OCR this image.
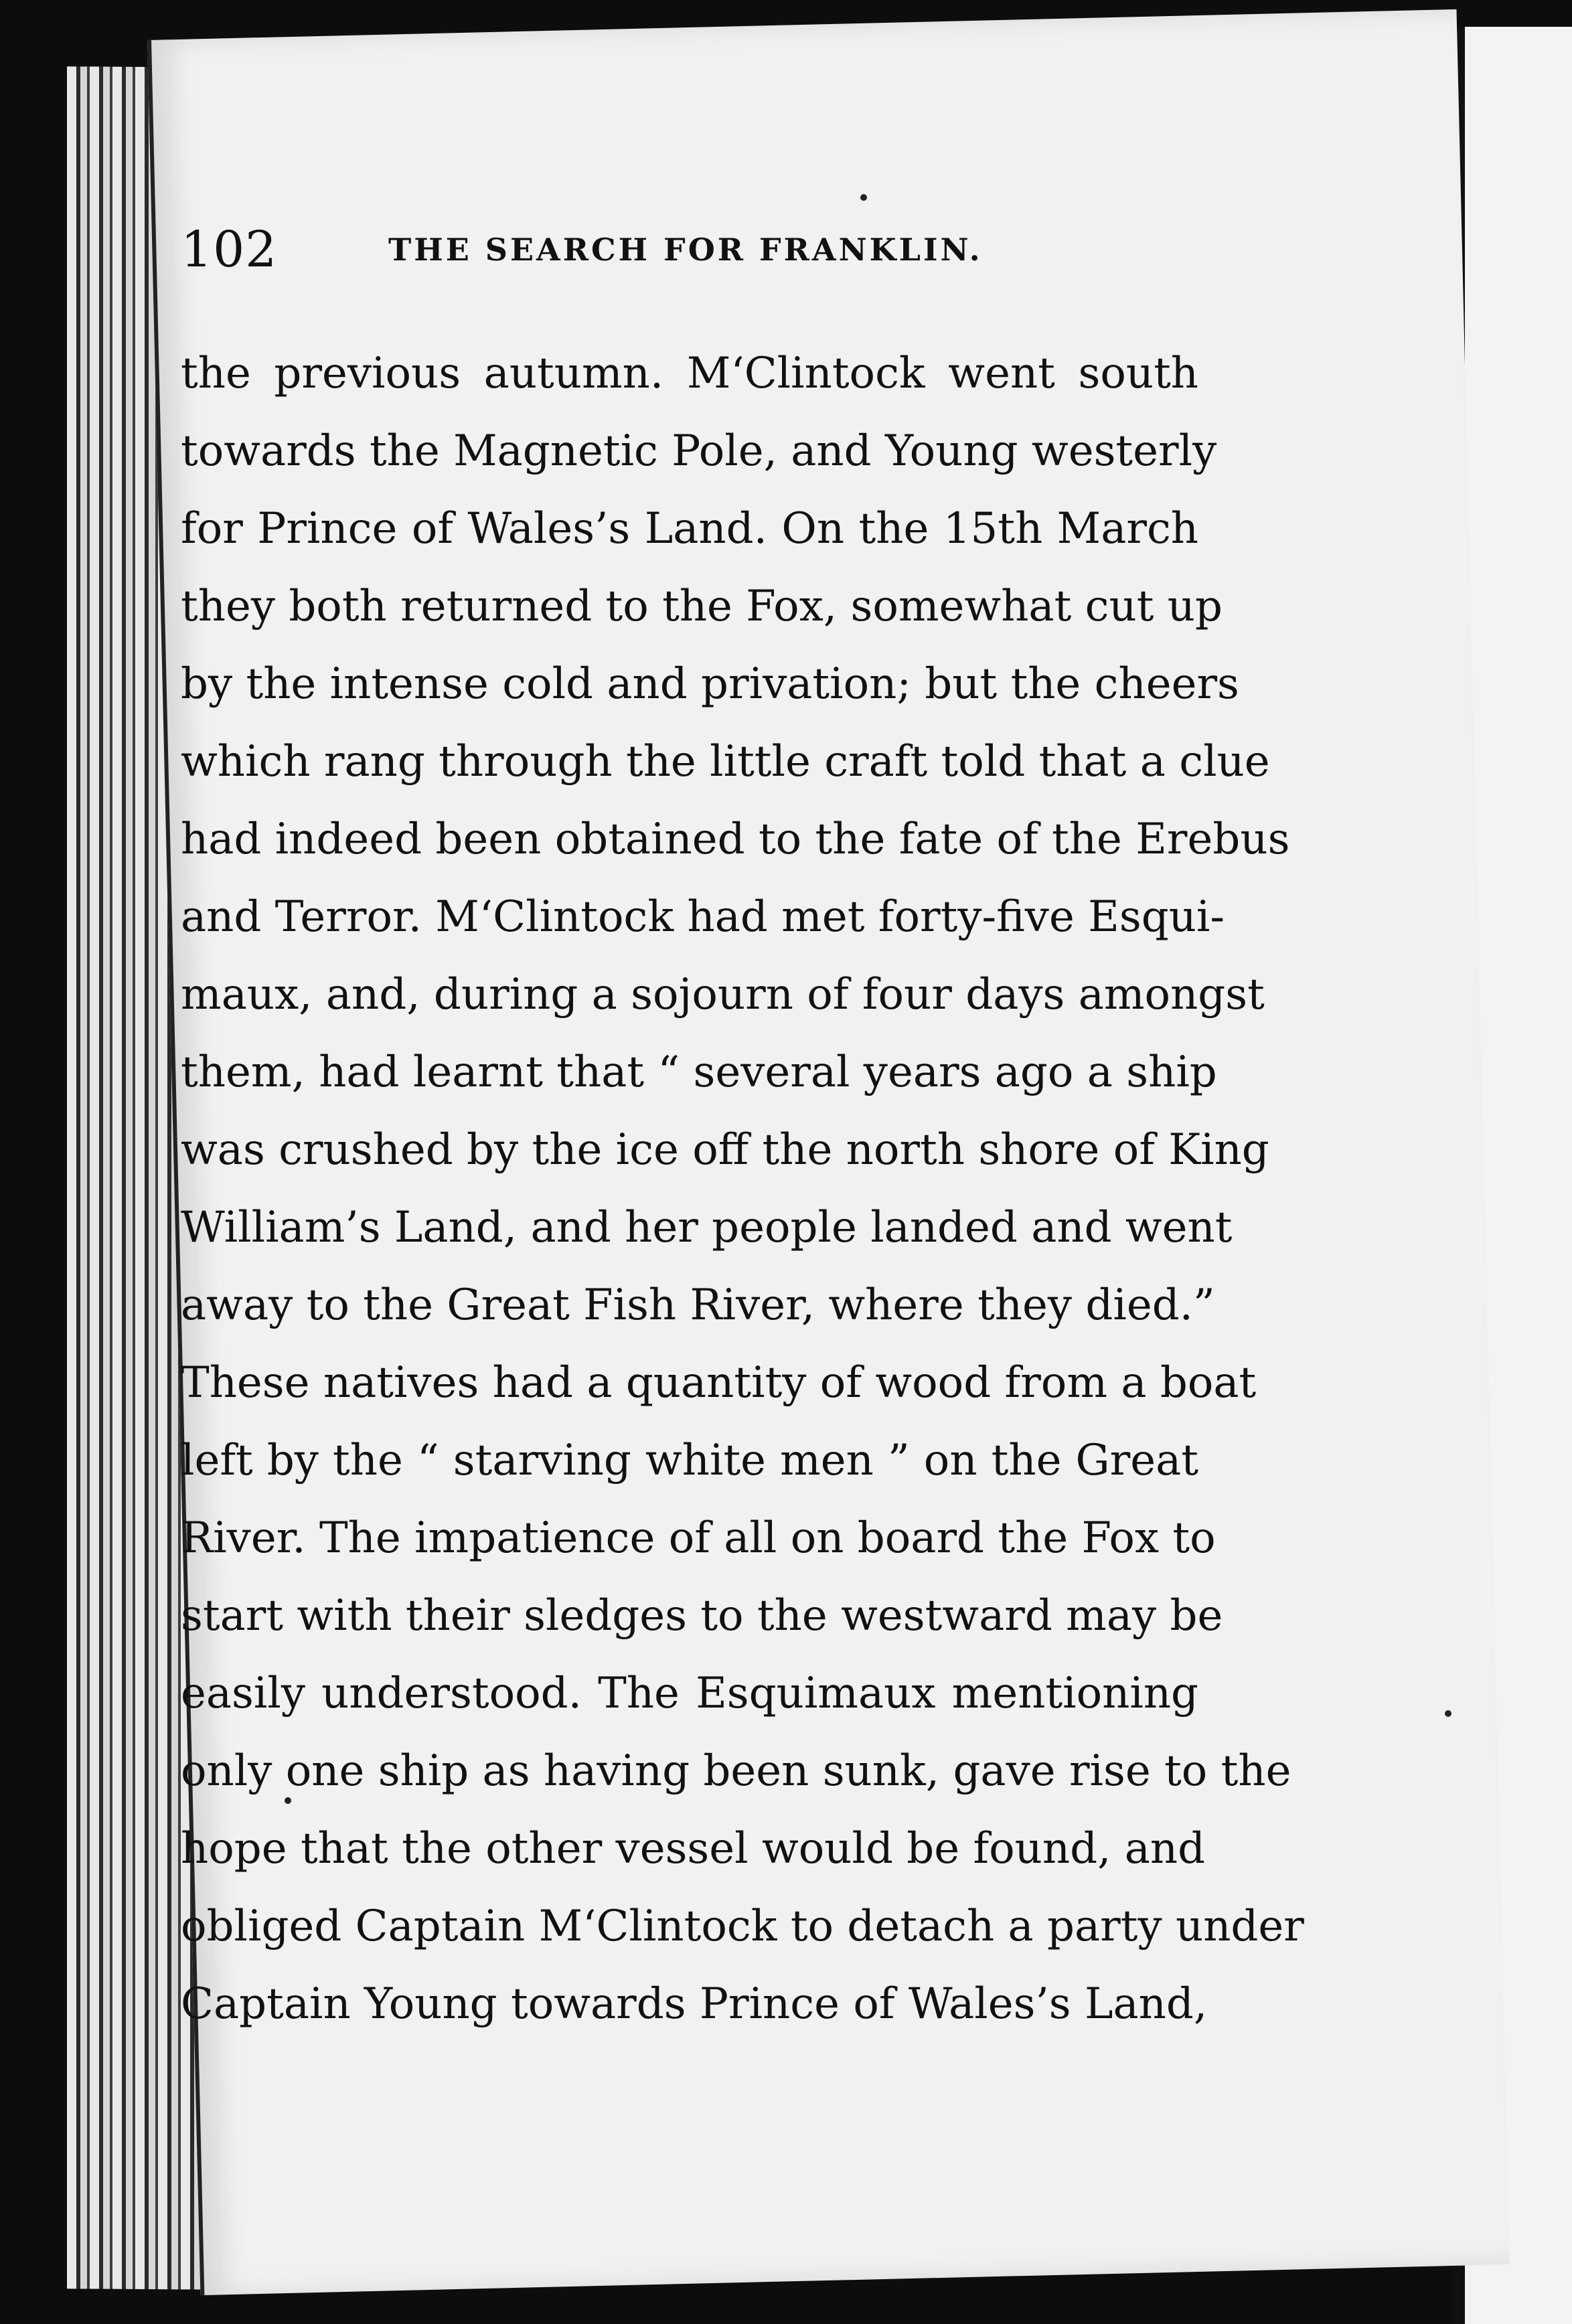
102	THE SEARCH FOR FRANKLIN.
the previous autumn. M‘Clintock went south
towards the Magnetic Pole, and Young westerly
for Prince of Wales’s Land. On the 15th March
they both returned to the Fox, somewhat cut up
by the intense cold and privation; but the cheers
which rang through the little craft told that a clue
had indeed been obtained to the fate of the Erebus
and Terror. M‘Clintock had met forty-five Esqui-
maux, and, during a sojourn of four days amongst
them, had learnt that “ several years ago a ship
was crushed by the ice off the north shore of King
William’s Land, and her people landed and went
away to the Great Fish River, where they died.”
These natives had a quantity of wood from a boat
left by the “ starving white men ” on the Great
River. The impatience of all on board the Fox to
start with their sledges to the westward may be
easily understood. The Esquimaux mentioning
only one ship as having been sunk, gave rise to the
hope that the other vessel would be found, and
obliged Captain M‘Clintock to detach a party under
Captain Young towards Prince of Wales’s Land,
